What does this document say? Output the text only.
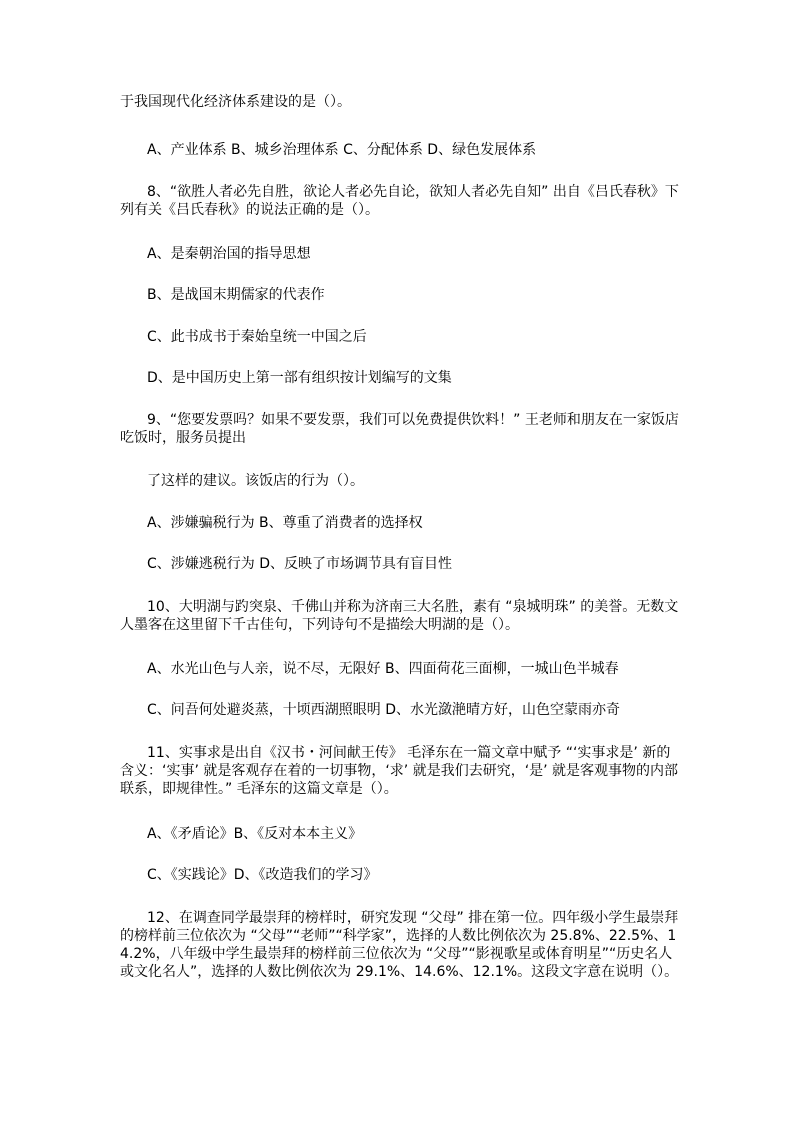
于我国现代化经济体系建设的是（）。

A、产业体系 B、城乡治理体系 C、分配体系 D、绿色发展体系

8、“欲胜人者必先自胜，欲论人者必先自论，欲知人者必先自知” 出自《吕氏春秋》下列有关《吕氏春秋》的说法正确的是（）。

A、是秦朝治国的指导思想

B、是战国末期儒家的代表作

C、此书成书于秦始皇统一中国之后

D、是中国历史上第一部有组织按计划编写的文集

9、“您要发票吗？如果不要发票，我们可以免费提供饮料！” 王老师和朋友在一家饭店吃饭时，服务员提出

了这样的建议。该饭店的行为（）。

A、涉嫌骗税行为 B、尊重了消费者的选择权

C、涉嫌逃税行为 D、反映了市场调节具有盲目性

10、大明湖与趵突泉、千佛山并称为济南三大名胜，素有 “泉城明珠” 的美誉。无数文人墨客在这里留下千古佳句，下列诗句不是描绘大明湖的是（）。

A、水光山色与人亲，说不尽，无限好 B、四面荷花三面柳，一城山色半城春

C、问吾何处避炎蒸，十顷西湖照眼明 D、水光潋滟晴方好，山色空蒙雨亦奇

11、实事求是出自《汉书・河间献王传》 毛泽东在一篇文章中赋予 “‘实事求是’ 新的含义：‘实事’ 就是客观存在着的一切事物，‘求’ 就是我们去研究，‘是’ 就是客观事物的内部联系，即规律性。” 毛泽东的这篇文章是（）。

A、《矛盾论》B、《反对本本主义》

C、《实践论》D、《改造我们的学习》

12、在调查同学最崇拜的榜样时，研究发现 “父母” 排在第一位。四年级小学生最崇拜的榜样前三位依次为 “父母”“老师”“科学家”，选择的人数比例依次为 25.8%、22.5%、14.2%，八年级中学生最崇拜的榜样前三位依次为 “父母”“影视歌星或体育明星”“历史名人或文化名人”，选择的人数比例依次为 29.1%、14.6%、12.1%。这段文字意在说明（）。
